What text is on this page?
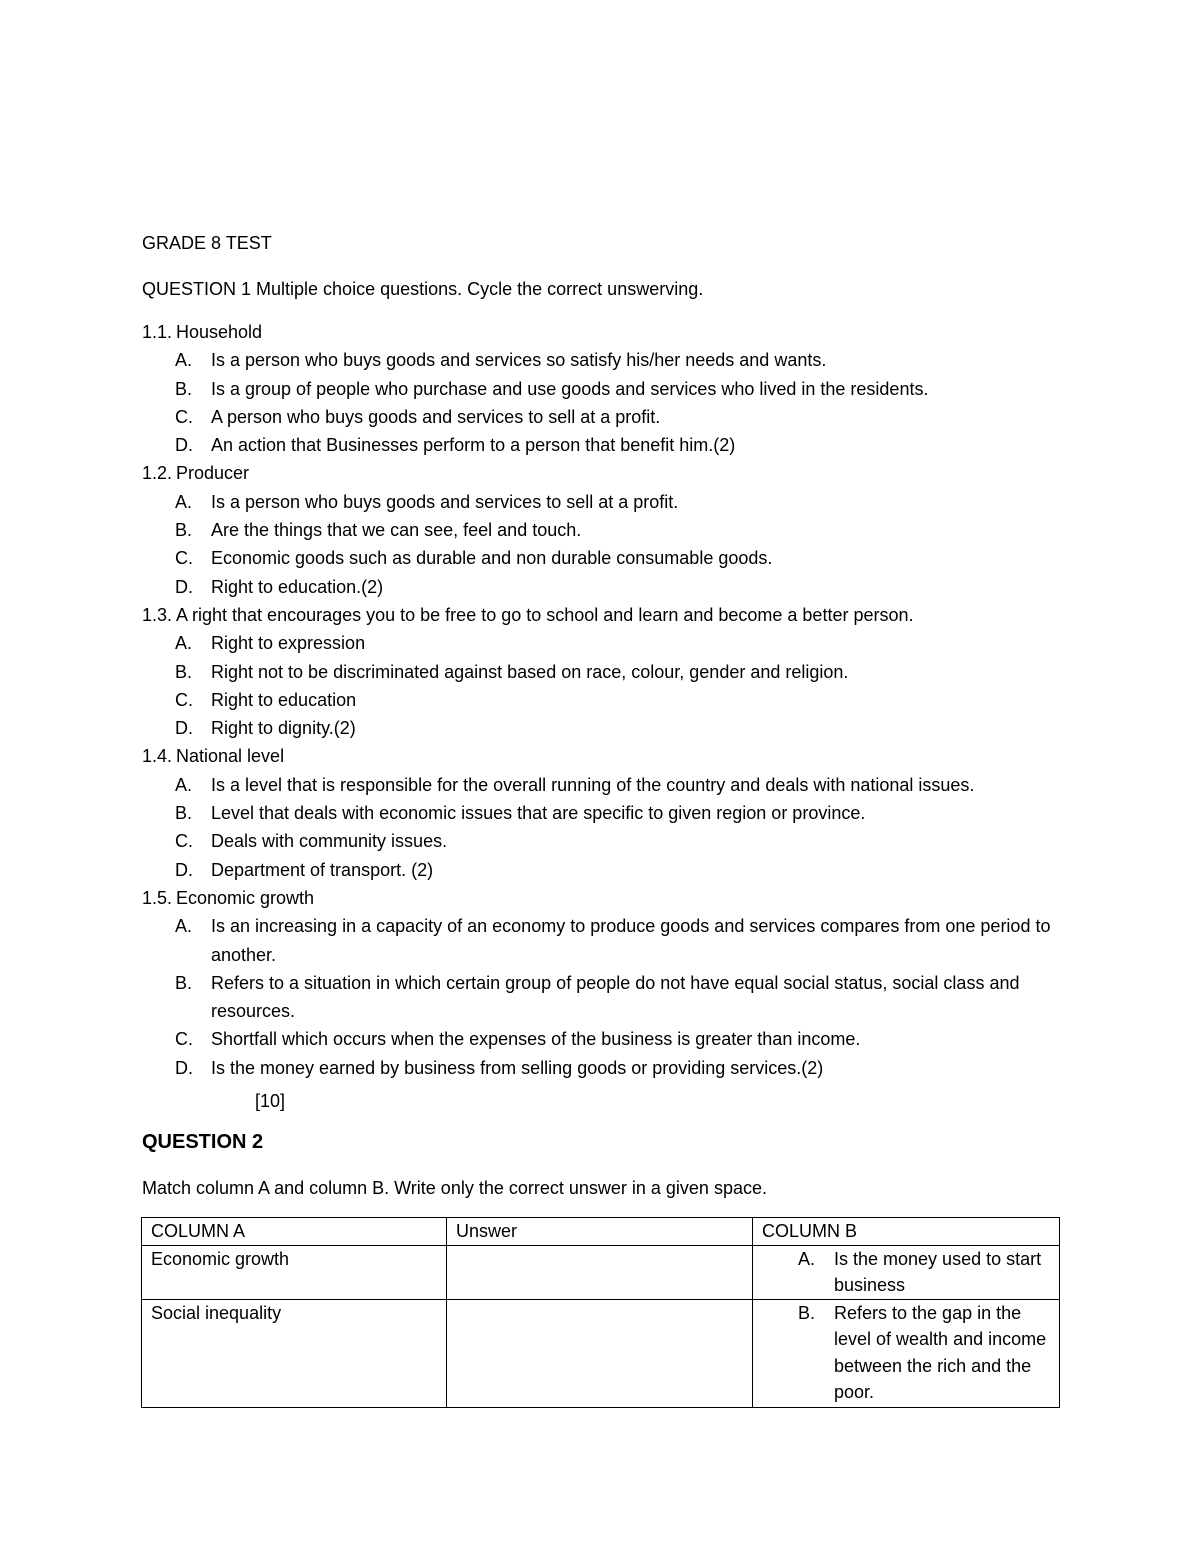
GRADE 8 TEST

QUESTION 1 Multiple choice questions. Cycle the correct unswerving.

1.1. Household
A.	Is a person who buys goods and services so satisfy his/her needs and wants.
B.	Is a group of people who purchase and use goods and services who lived in the residents.
C.	A person who buys goods and services to sell at a profit.
D.	An action that Businesses perform to a person that benefit him.(2)
1.2. Producer
A.	Is a person who buys goods and services to sell at a profit.
B.	Are the things that we can see, feel and touch.
C.	Economic goods such as durable and non durable consumable goods.
D.	Right to education.(2)
1.3. A right that encourages you to be free to go to school and learn and become a better person.
A.	Right to expression
B.	Right not to be discriminated against based on race, colour, gender and religion.
C.	Right to education
D.	Right to dignity.(2)
1.4. National level
A.	Is a level that is responsible for the overall running of the country and deals with national issues.
B.	Level that deals with economic issues that are specific to given region or province.
C.	Deals with community issues.
D.	Department of transport. (2)
1.5. Economic growth
A.	Is an increasing in a capacity of an economy to produce goods and services compares from one period to another.
B.	Refers to a situation in which certain group of people do not have equal social status, social class and resources.
C.	Shortfall which occurs when the expenses of the business is greater than income.
D.	Is the money earned by business from selling goods or providing services.(2)

[10]

QUESTION 2

Match column A and column B. Write only the correct unswer in a given space.

COLUMN A	Unswer	COLUMN B
Economic growth		A. Is the money used to start business

Social inequality		B. Refers to the gap in the level of wealth and income between the rich and the poor.
